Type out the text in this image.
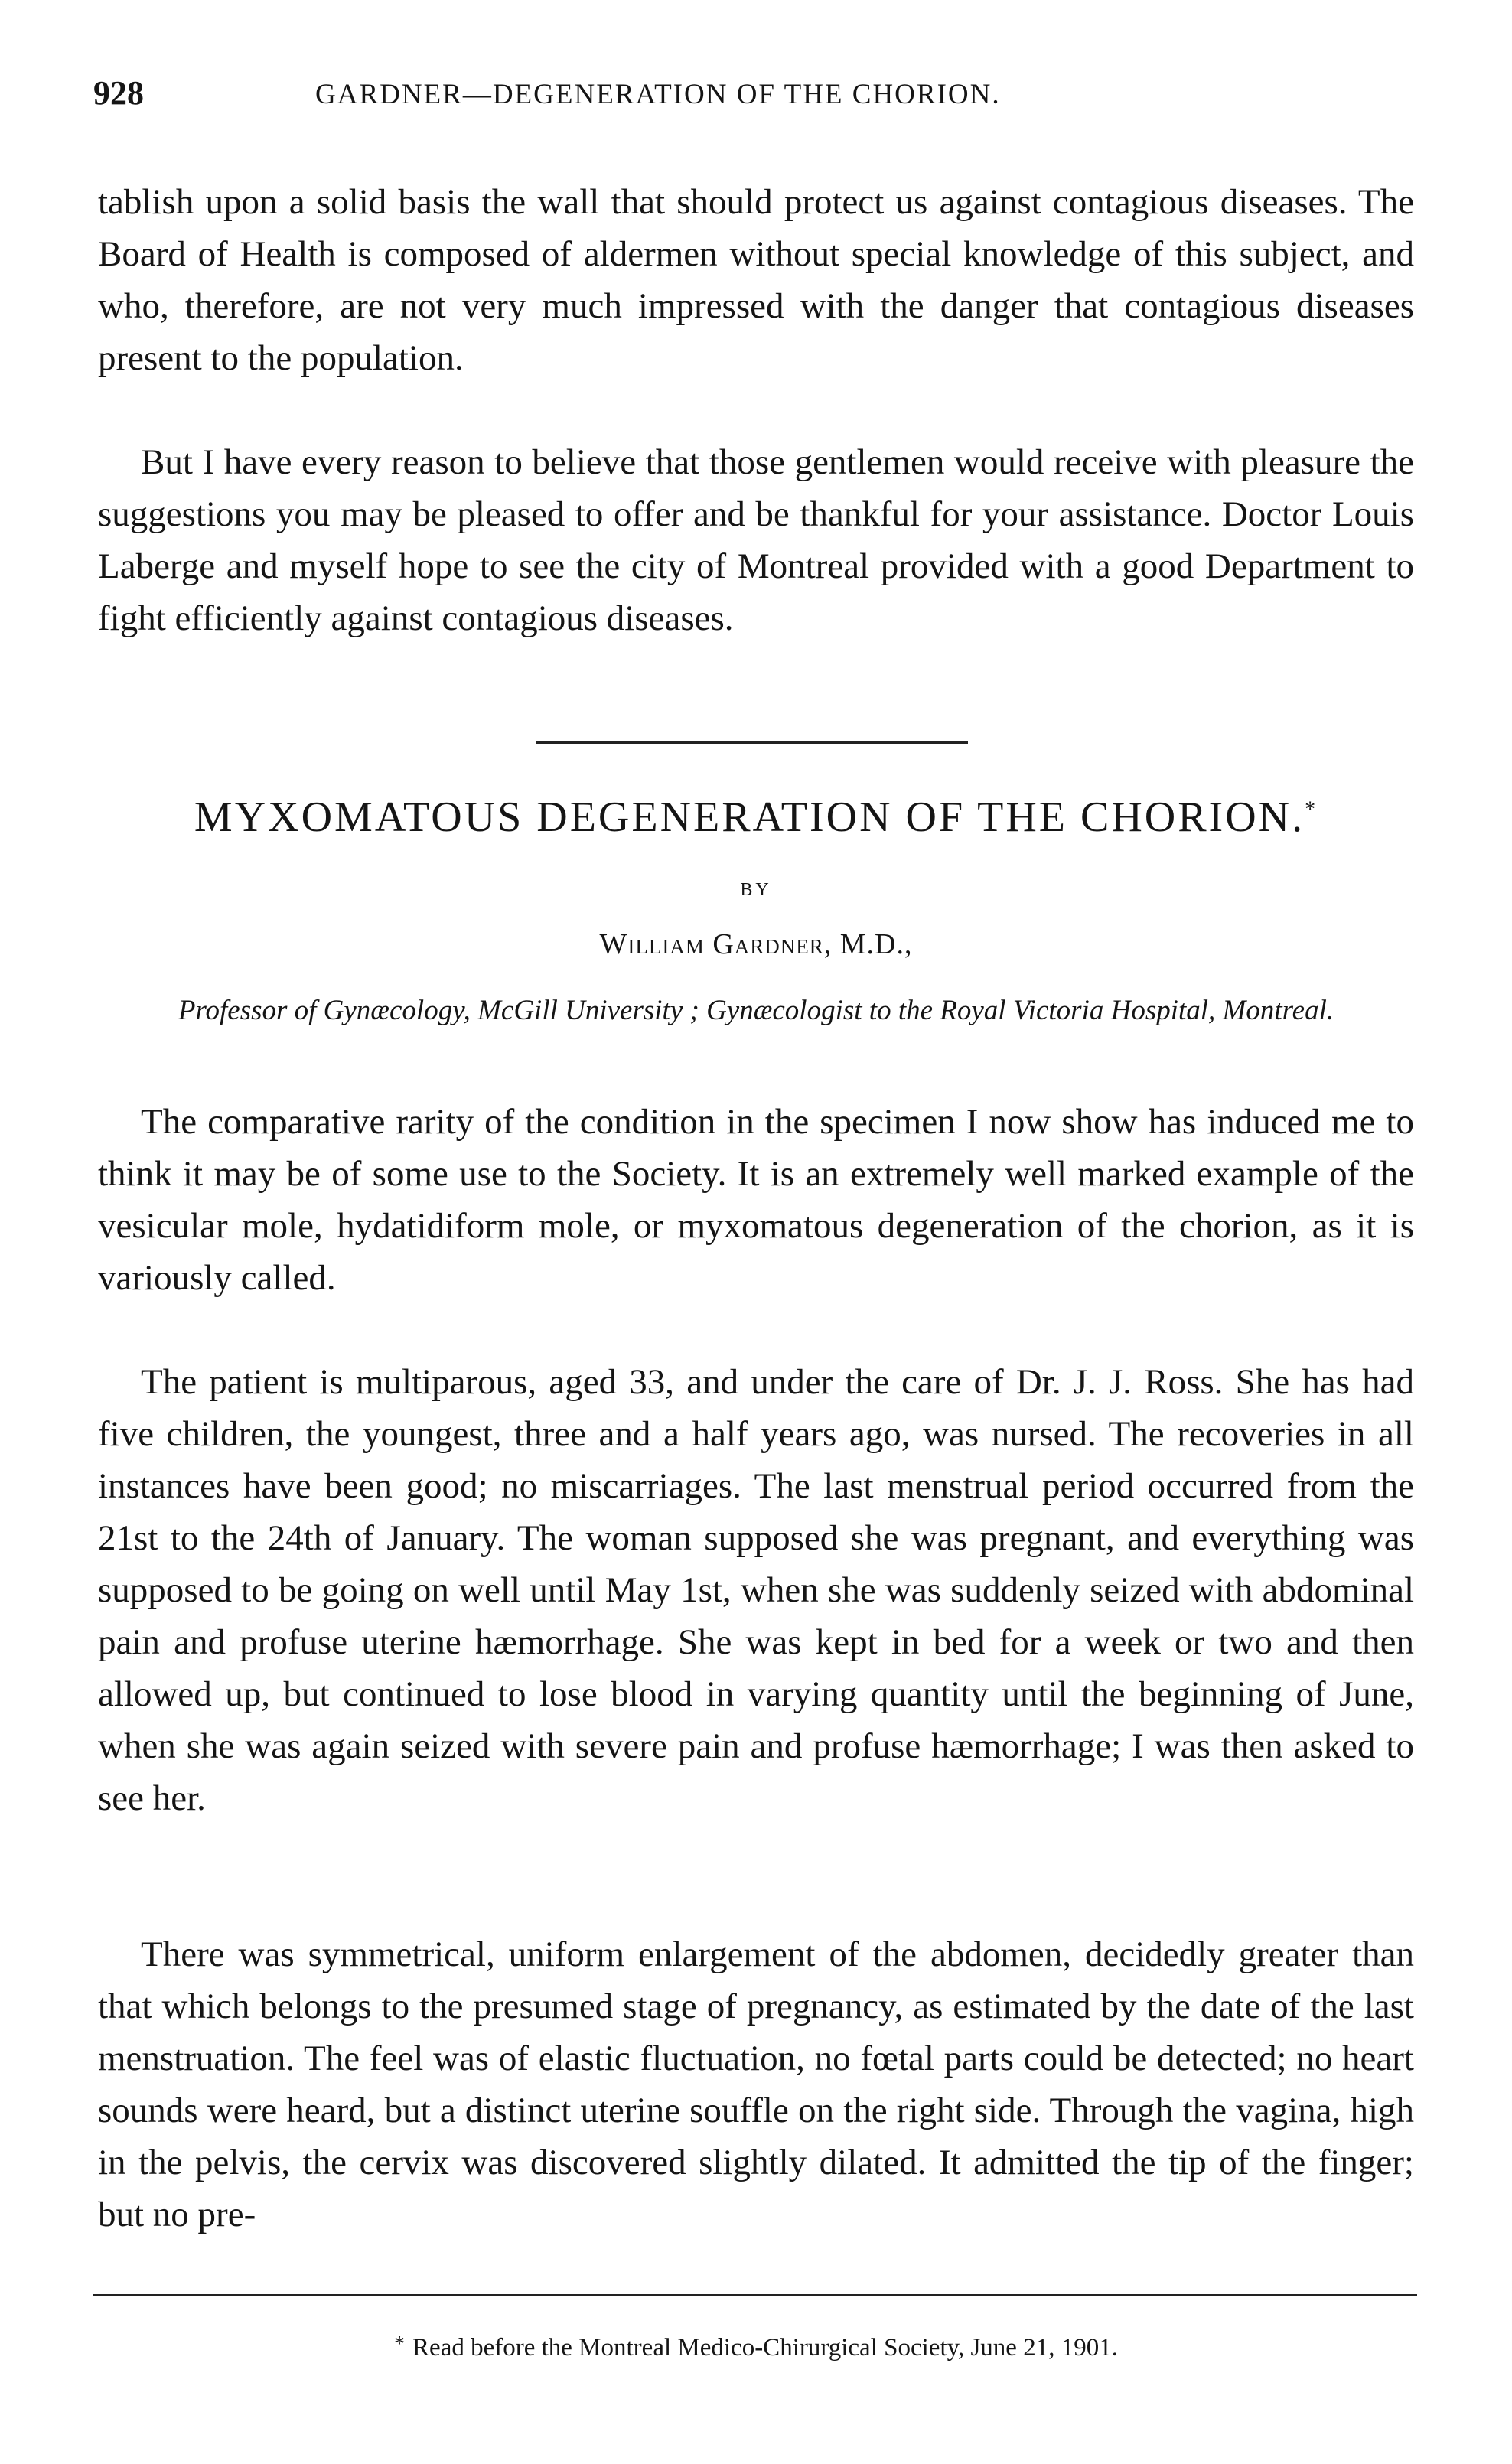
928	GARDNER—DEGENERATION OF THE CHORION.

tablish upon a solid basis the wall that should protect us against contagious diseases. The Board of Health is composed of aldermen without special knowledge of this subject, and who, therefore, are not very much impressed with the danger that contagious diseases present to the population.

But I have every reason to believe that those gentlemen would receive with pleasure the suggestions you may be pleased to offer and be thankful for your assistance. Doctor Louis Laberge and myself hope to see the city of Montreal provided with a good Department to fight efficiently against contagious diseases.

MYXOMATOUS DEGENERATION OF THE CHORION.*
BY
William Gardner, M.D.,
Professor of Gynæcology, McGill University ; Gynæcologist to the Royal Victoria Hospital, Montreal.

The comparative rarity of the condition in the specimen I now show has induced me to think it may be of some use to the Society. It is an extremely well marked example of the vesicular mole, hydatidiform mole, or myxomatous degeneration of the chorion, as it is variously called.

The patient is multiparous, aged 33, and under the care of Dr. J. J. Ross. She has had five children, the youngest, three and a half years ago, was nursed. The recoveries in all instances have been good; no miscarriages. The last menstrual period occurred from the 21st to the 24th of January. The woman supposed she was pregnant, and everything was supposed to be going on well until May 1st, when she was suddenly seized with abdominal pain and profuse uterine hæmorrhage. She was kept in bed for a week or two and then allowed up, but continued to lose blood in varying quantity until the beginning of June, when she was again seized with severe pain and profuse hæmorrhage; I was then asked to see her.

There was symmetrical, uniform enlargement of the abdomen, decidedly greater than that which belongs to the presumed stage of pregnancy, as estimated by the date of the last menstruation. The feel was of elastic fluctuation, no fœtal parts could be detected; no heart sounds were heard, but a distinct uterine souffle on the right side. Through the vagina, high in the pelvis, the cervix was discovered slightly dilated. It admitted the tip of the finger; but no pre-

* Read before the Montreal Medico-Chirurgical Society, June 21, 1901.
